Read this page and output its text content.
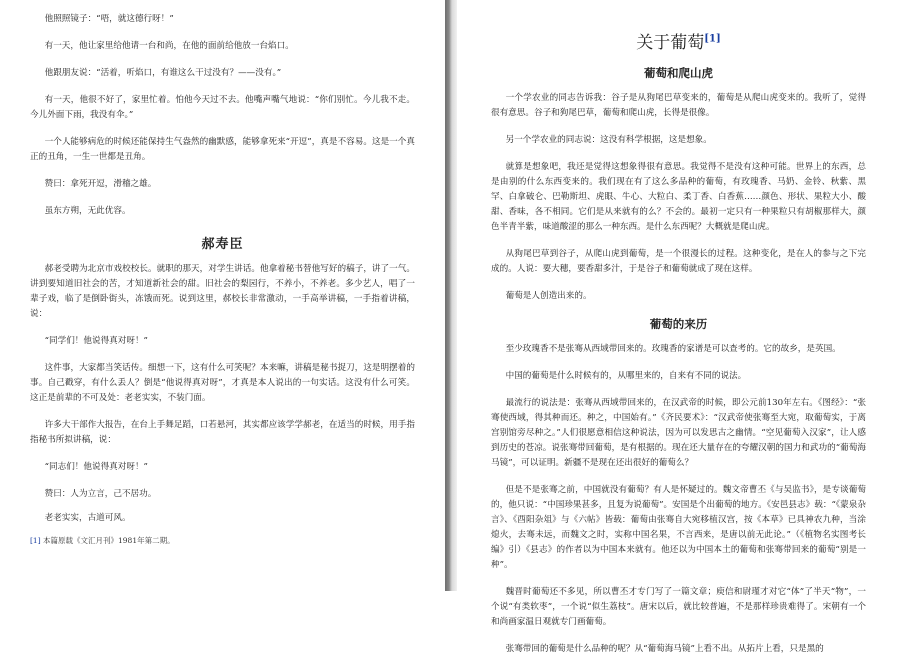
他照照镜子：“唔，就这德行呀！”

有一天，他让家里给他请一台和尚，在他的面前给他放一台焰口。

他跟朋友说：“活着，听焰口，有谁这么干过没有？——没有。”

有一天，他很不好了，家里忙着。怕他今天过不去。他嘴声嘴气地说：“你们别忙。今儿我不走。今儿外面下雨，我没有伞。”

一个人能够病危的时候还能保持生气盎然的幽默感，能够拿死来“开逗”，真是不容易。这是一个真正的丑角，一生一世都是丑角。

赞曰：拿死开逗，滑稽之雄。

虽东方朔，无此优容。

郝寿臣

郝老受聘为北京市戏校校长。就职的那天，对学生讲话。他拿着秘书替他写好的稿子，讲了一气。讲到要知道旧社会的苦，才知道新社会的甜。旧社会的梨园行，不养小，不养老。多少艺人，唱了一辈子戏，临了是倒卧街头，冻饿而死。说到这里，郝校长非常激动，一手高举讲稿，一手指着讲稿，说：

“同学们！他说得真对呀！”

这件事，大家都当笑话传。细想一下，这有什么可笑呢？本来嘛，讲稿是秘书捉刀，这是明摆着的事。自己戳穿，有什么丢人？倒是“他说得真对呀”，才真是本人说出的一句实话。这没有什么可笑。这正是前辈的不可及处：老老实实，不装门面。

许多大干部作大报告，在台上手舞足蹈，口若悬河，其实都应该学学郝老，在适当的时候，用手指指秘书所拟讲稿，说：

“同志们！他说得真对呀！”

赞曰：人为立言，己不居功。

老老实实，古道可风。

[1] 本篇原载《文汇月刊》1981年第二期。
关于葡萄[1]
葡萄和爬山虎

一个学农业的同志告诉我：谷子是从狗尾巴草变来的，葡萄是从爬山虎变来的。我听了，觉得很有意思。谷子和狗尾巴草，葡萄和爬山虎，长得是很像。

另一个学农业的同志说：这没有科学根据，这是想象。

就算是想象吧，我还是觉得这想象得很有意思。我觉得不是没有这种可能。世界上的东西，总是由别的什么东西变来的。我们现在有了这么多品种的葡萄，有玫瑰香、马奶、金铃、秋紫、黑罕、白拿破仑、巴勒斯坦、虎眼、牛心、大粒白、柔丁香、白香蕉……颜色、形状、果粒大小、酸甜、香味，各不相同。它们是从来就有的么？不会的。最初一定只有一种果粒只有胡椒那样大，颜色半青半紫，味道酸涩的那么一种东西。是什么东西呢？大概就是爬山虎。

从狗尾巴草到谷子，从爬山虎到葡萄，是一个很漫长的过程。这种变化，是在人的参与之下完成的。人说：要大穗，要香甜多汁，于是谷子和葡萄就成了现在这样。

葡萄是人创造出来的。

葡萄的来历

至少玫瑰香不是张骞从西域带回来的。玫瑰香的家谱是可以查考的。它的故乡，是英国。

中国的葡萄是什么时候有的，从哪里来的，自来有不同的说法。

最流行的说法是：张骞从西域带回来的，在汉武帝的时候，即公元前130年左右。《图经》：“张骞使西域，得其种而还。种之，中国始有。”《齐民要术》：“汉武帝使张骞至大宛，取葡萄实，于离宫别馆旁尽种之。”人们很愿意相信这种说法，因为可以发思古之幽情。“空见葡萄入汉家”，让人感到历史的苍凉。说张骞带回葡萄，是有根据的。现在还大量存在的夸耀汉朝的国力和武功的“葡萄海马镜”，可以证明。新疆不是现在还出很好的葡萄么？

但是不是张骞之前，中国就没有葡萄？有人是怀疑过的。魏文帝曹丕《与吴监书》，是专谈葡萄的，他只说：“中国珍果甚多，且复为说葡萄”。安国是个出葡萄的地方。《安邑县志》载：“《蒙泉杂言》、《酉阳杂俎》与《六帖》皆载：葡萄由张骞自大宛移植汉宫，按《本草》已具神农九种，当涂熄火，去骞未远，而魏文之时，实称中国名果，不言西来，是唐以前无此论。”（《植物名实图考长编》引）《县志》的作者以为中国本来就有。他还以为中国本土的葡萄和张骞带回来的葡萄“别是一种”。

魏晋时葡萄还不多见，所以曹丕才专门写了一篇文章；庾信和尉瑾才对它“体”了半天“物”，一个说“有类软枣”，一个说“似生荔枝”。唐宋以后，就比较普遍，不是那样珍贵难得了。宋朝有一个和尚画家温日观就专门画葡萄。

张骞带回的葡萄是什么品种的呢？从“葡萄海马镜”上看不出。从拓片上看，只是黑的
